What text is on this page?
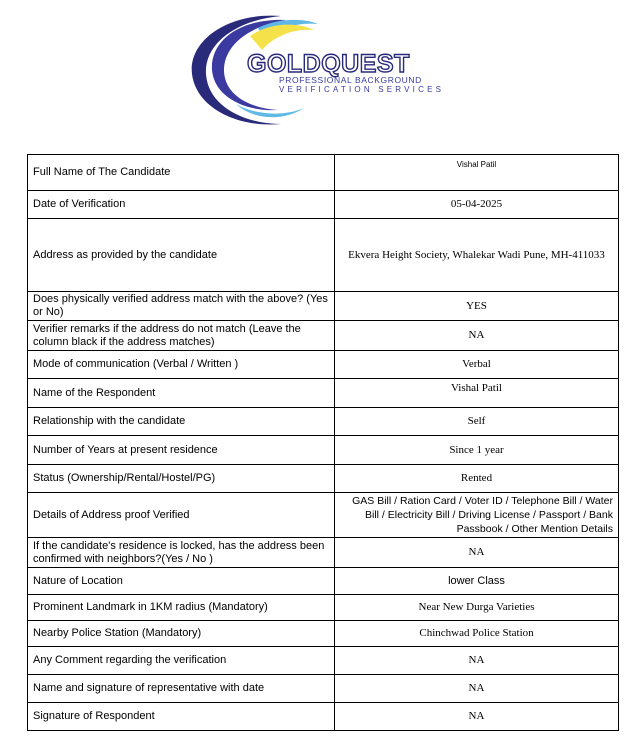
GOLDQUEST
PROFESSIONAL BACKGROUND
VERIFICATION SERVICES
Full Name of The Candidate	Vishal Patil
Date of Verification	05-04-2025
Address as provided by the candidate	Ekvera Height Society, Whalekar Wadi Pune, MH-411033
Does physically verified address match with the above? (Yes or No)	YES
Verifier remarks if the address do not match (Leave the column black if the address matches)	NA
Mode of communication (Verbal / Written )	Verbal
Name of the Respondent	Vishal Patil
Relationship with the candidate	Self
Number of Years at present residence	Since 1 year
Status (Ownership/Rental/Hostel/PG)	Rented
Details of Address proof Verified	GAS Bill / Ration Card / Voter ID / Telephone Bill / Water Bill / Electricity Bill / Driving License / Passport / Bank Passbook / Other Mention Details
If the candidate's residence is locked, has the address been confirmed with neighbors?(Yes / No )	NA
Nature of Location	lower Class
Prominent Landmark in 1KM radius (Mandatory)	Near New Durga Varieties
Nearby Police Station (Mandatory)	Chinchwad Police Station
Any Comment regarding the verification	NA
Name and signature of representative with date	NA
Signature of Respondent	NA
